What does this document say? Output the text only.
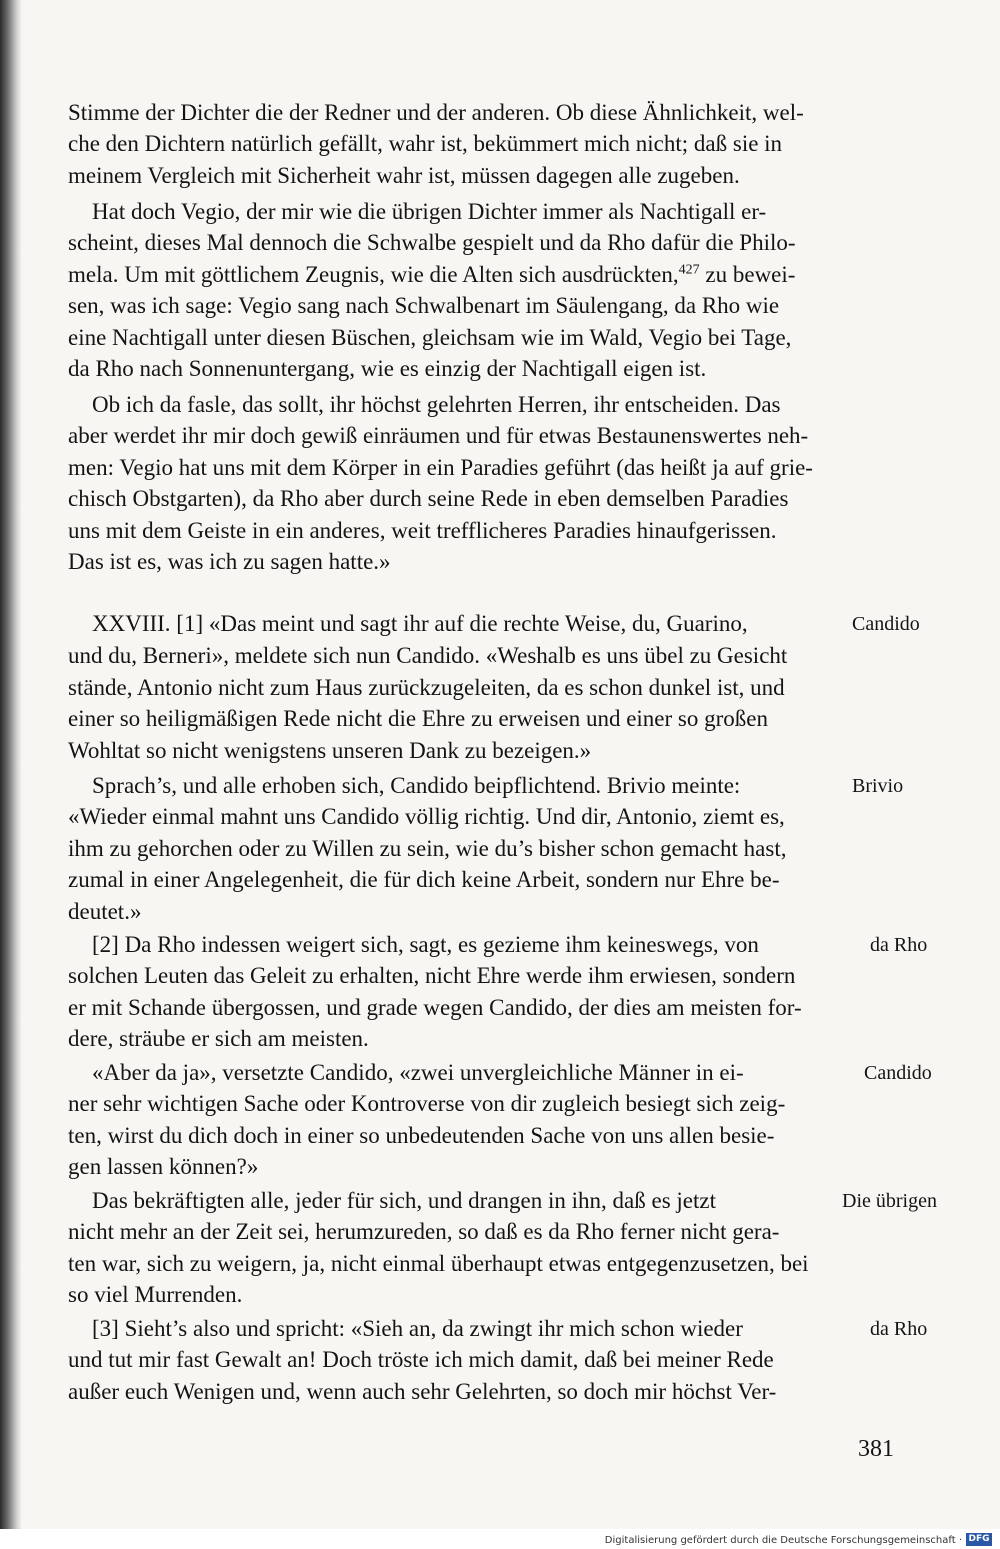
Stimme der Dichter die der Redner und der anderen. Ob diese Ähnlichkeit, wel-
che den Dichtern natürlich gefällt, wahr ist, bekümmert mich nicht; daß sie in
meinem Vergleich mit Sicherheit wahr ist, müssen dagegen alle zugeben.
Hat doch Vegio, der mir wie die übrigen Dichter immer als Nachtigall er-
scheint, dieses Mal dennoch die Schwalbe gespielt und da Rho dafür die Philo-
mela. Um mit göttlichem Zeugnis, wie die Alten sich ausdrückten,$^{427}$ zu bewei-
sen, was ich sage: Vegio sang nach Schwalbenart im Säulengang, da Rho wie
eine Nachtigall unter diesen Büschen, gleichsam wie im Wald, Vegio bei Tage,
da Rho nach Sonnenuntergang, wie es einzig der Nachtigall eigen ist.
Ob ich da fasle, das sollt, ihr höchst gelehrten Herren, ihr entscheiden. Das
aber werdet ihr mir doch gewiß einräumen und für etwas Bestaunenswertes neh-
men: Vegio hat uns mit dem Körper in ein Paradies geführt (das heißt ja auf grie-
chisch Obstgarten), da Rho aber durch seine Rede in eben demselben Paradies
uns mit dem Geiste in ein anderes, weit trefflicheres Paradies hinaufgerissen.
Das ist es, was ich zu sagen hatte.»
XXVIII. [1] «Das meint und sagt ihr auf die rechte Weise, du, Guarino,	Candido
und du, Berneri», meldete sich nun Candido. «Weshalb es uns übel zu Gesicht
stände, Antonio nicht zum Haus zurückzugeleiten, da es schon dunkel ist, und
einer so heiligmäßigen Rede nicht die Ehre zu erweisen und einer so großen
Wohltat so nicht wenigstens unseren Dank zu bezeigen.»
Sprach’s, und alle erhoben sich, Candido beipflichtend. Brivio meinte:	Brivio
«Wieder einmal mahnt uns Candido völlig richtig. Und dir, Antonio, ziemt es,
ihm zu gehorchen oder zu Willen zu sein, wie du’s bisher schon gemacht hast,
zumal in einer Angelegenheit, die für dich keine Arbeit, sondern nur Ehre be-
deutet.»
[2] Da Rho indessen weigert sich, sagt, es gezieme ihm keineswegs, von	da Rho
solchen Leuten das Geleit zu erhalten, nicht Ehre werde ihm erwiesen, sondern
er mit Schande übergossen, und grade wegen Candido, der dies am meisten for-
dere, sträube er sich am meisten.
«Aber da ja», versetzte Candido, «zwei unvergleichliche Männer in ei-	Candido
ner sehr wichtigen Sache oder Kontroverse von dir zugleich besiegt sich zeig-
ten, wirst du dich doch in einer so unbedeutenden Sache von uns allen besie-
gen lassen können?»
Das bekräftigten alle, jeder für sich, und drangen in ihn, daß es jetzt	Die übrigen
nicht mehr an der Zeit sei, herumzureden, so daß es da Rho ferner nicht gera-
ten war, sich zu weigern, ja, nicht einmal überhaupt etwas entgegenzusetzen, bei
so viel Murrenden.
[3] Sieht’s also und spricht: «Sieh an, da zwingt ihr mich schon wieder	da Rho
und tut mir fast Gewalt an! Doch tröste ich mich damit, daß bei meiner Rede
außer euch Wenigen und, wenn auch sehr Gelehrten, so doch mir höchst Ver-
381
Digitalisierung gefördert durch die Deutsche Forschungsgemeinschaft · DFG
